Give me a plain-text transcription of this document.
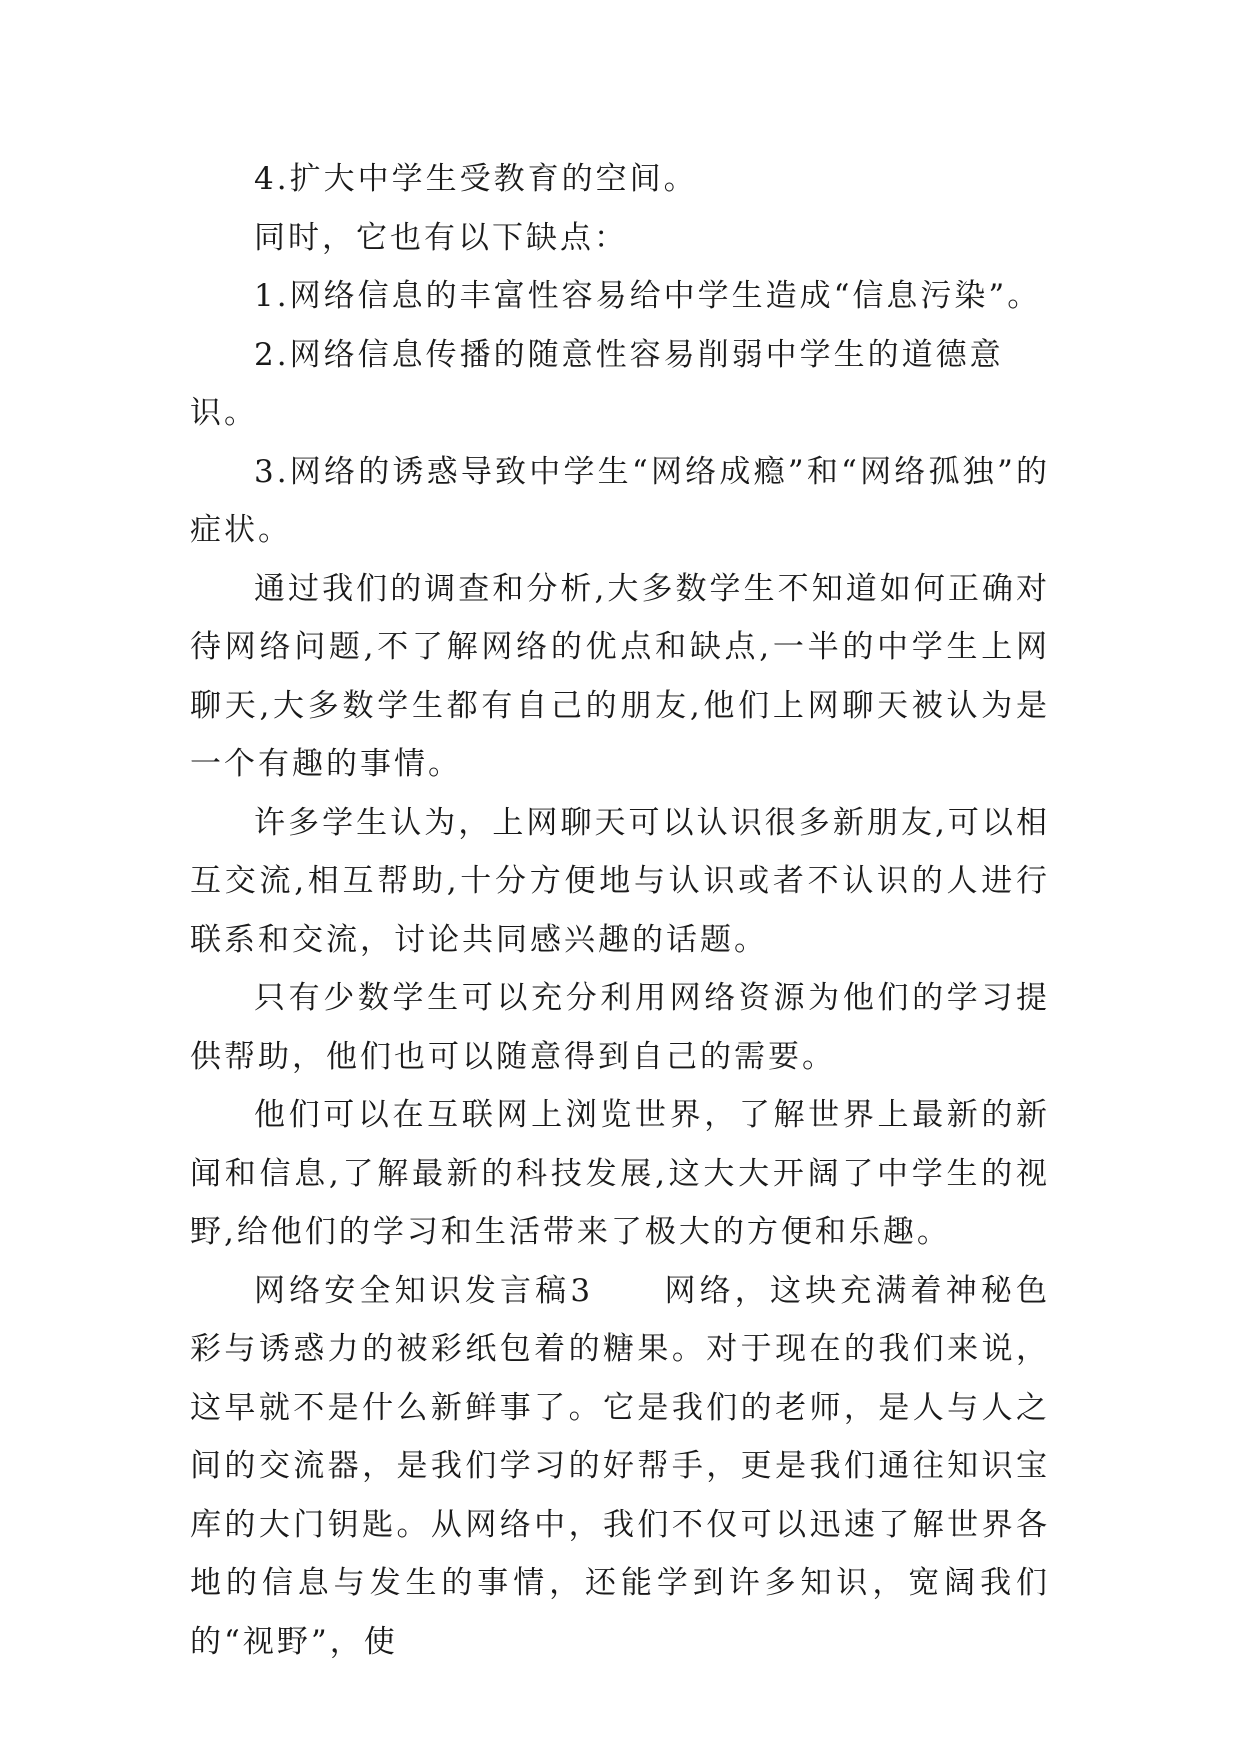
4.扩大中学生受教育的空间。

同时，它也有以下缺点：

1.网络信息的丰富性容易给中学生造成“信息污染”。

2.网络信息传播的随意性容易削弱中学生的道德意识。

3.网络的诱惑导致中学生“网络成瘾”和“网络孤独”的症状。

通过我们的调查和分析,大多数学生不知道如何正确对待网络问题,不了解网络的优点和缺点,一半的中学生上网聊天,大多数学生都有自己的朋友,他们上网聊天被认为是一个有趣的事情。

许多学生认为，上网聊天可以认识很多新朋友,可以相互交流,相互帮助,十分方便地与认识或者不认识的人进行联系和交流，讨论共同感兴趣的话题。

只有少数学生可以充分利用网络资源为他们的学习提供帮助，他们也可以随意得到自己的需要。

他们可以在互联网上浏览世界，了解世界上最新的新闻和信息,了解最新的科技发展,这大大开阔了中学生的视野,给他们的学习和生活带来了极大的方便和乐趣。

网络安全知识发言稿3　　网络，这块充满着神秘色彩与诱惑力的被彩纸包着的糖果。对于现在的我们来说，这早就不是什么新鲜事了。它是我们的老师，是人与人之间的交流器，是我们学习的好帮手，更是我们通往知识宝库的大门钥匙。从网络中，我们不仅可以迅速了解世界各地的信息与发生的事情，还能学到许多知识，宽阔我们的“视野”，使
